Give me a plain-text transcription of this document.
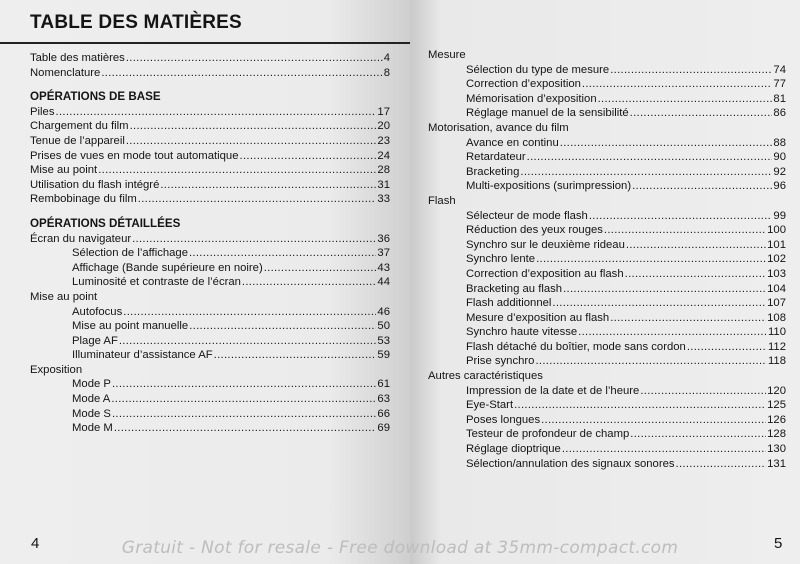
TABLE DES MATIÈRES
Table des matières .....	4
Nomenclature .....	8
OPÉRATIONS DE BASE
Piles .....	17
Chargement du film .....	20
Tenue de l’appareil .....	23
Prises de vues en mode tout automatique .....	24
Mise au point .....	28
Utilisation du flash intégré .....	31
Rembobinage du film .....	33
OPÉRATIONS DÉTAILLÉES
Écran du navigateur .....	36
Sélection de l’affichage .....	37
Affichage (Bande supérieure en noire) .....	43
Luminosité et contraste de l’écran .....	44
Mise au point
Autofocus .....	46
Mise au point manuelle .....	50
Plage AF .....	53
Illuminateur d’assistance AF .....	59
Exposition
Mode P .....	61
Mode A .....	63
Mode S .....	66
Mode M .....	69
4
Mesure
Sélection du type de mesure .....	74
Correction d’exposition .....	77
Mémorisation d’exposition .....	81
Réglage manuel de la sensibilité .....	86
Motorisation, avance du film
Avance en continu .....	88
Retardateur .....	90
Bracketing .....	92
Multi-expositions (surimpression) .....	96
Flash
Sélecteur de mode flash .....	99
Réduction des yeux rouges .....	100
Synchro sur le deuxième rideau .....	101
Synchro lente .....	102
Correction d’exposition au flash .....	103
Bracketing au flash .....	104
Flash additionnel .....	107
Mesure d’exposition au flash .....	108
Synchro haute vitesse .....	110
Flash détaché du boîtier, mode sans cordon .....	112
Prise synchro .....	118
Autres caractéristiques
Impression de la date et de l’heure .....	120
Eye-Start .....	125
Poses longues .....	126
Testeur de profondeur de champ .....	128
Réglage dioptrique .....	130
Sélection/annulation des signaux sonores .....	131
5
Gratuit - Not for resale - Free download at 35mm-compact.com
